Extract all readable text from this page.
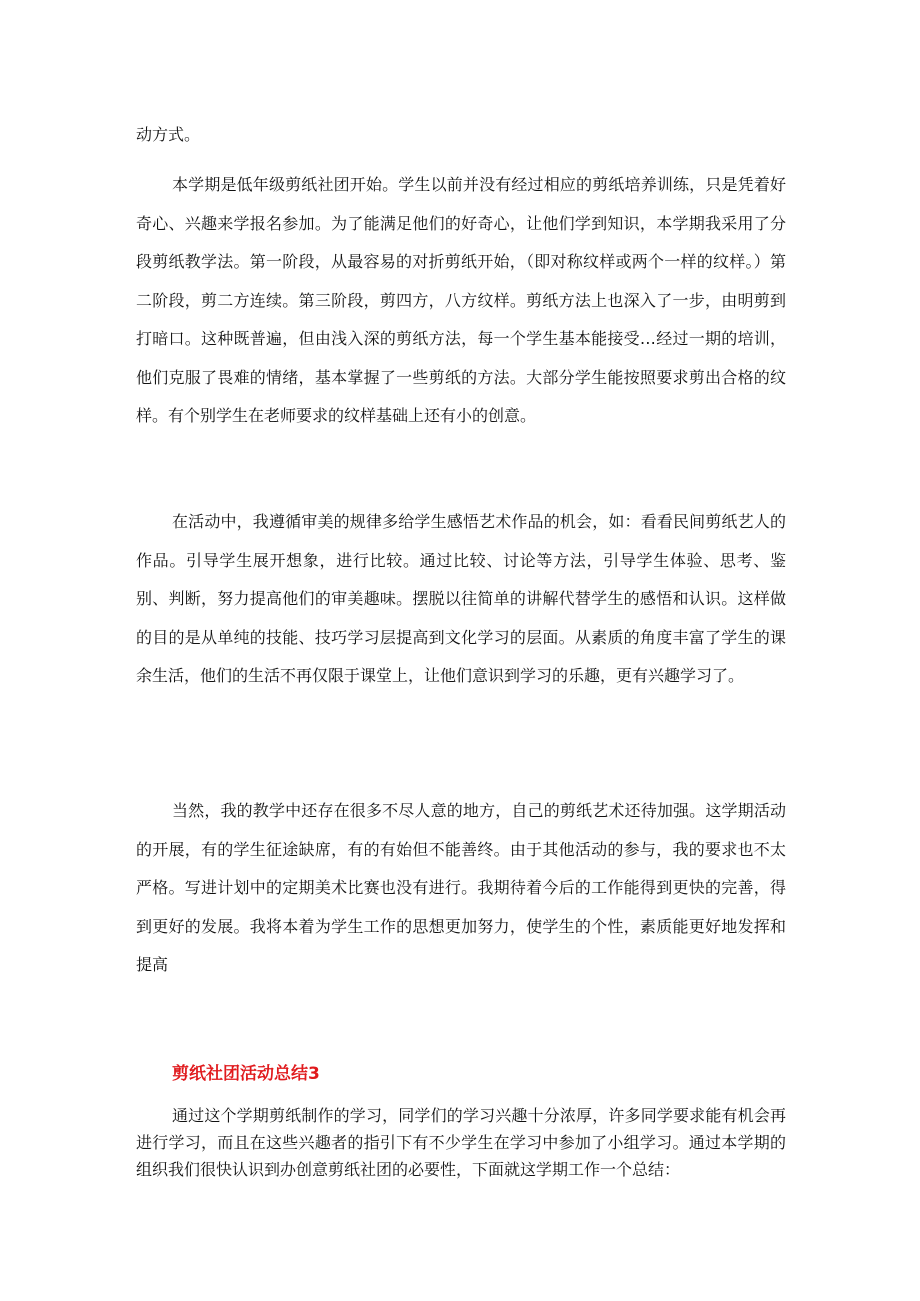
动方式。

本学期是低年级剪纸社团开始。学生以前并没有经过相应的剪纸培养训练，只是凭着好奇心、兴趣来学报名参加。为了能满足他们的好奇心，让他们学到知识，本学期我采用了分段剪纸教学法。第一阶段，从最容易的对折剪纸开始，（即对称纹样或两个一样的纹样。）第二阶段，剪二方连续。第三阶段，剪四方，八方纹样。剪纸方法上也深入了一步，由明剪到打暗口。这种既普遍，但由浅入深的剪纸方法，每一个学生基本能接受…经过一期的培训，他们克服了畏难的情绪，基本掌握了一些剪纸的方法。大部分学生能按照要求剪出合格的纹样。有个别学生在老师要求的纹样基础上还有小的创意。

在活动中，我遵循审美的规律多给学生感悟艺术作品的机会，如：看看民间剪纸艺人的作品。引导学生展开想象，进行比较。通过比较、讨论等方法，引导学生体验、思考、鉴别、判断，努力提高他们的审美趣味。摆脱以往简单的讲解代替学生的感悟和认识。这样做的目的是从单纯的技能、技巧学习层提高到文化学习的层面。从素质的角度丰富了学生的课余生活，他们的生活不再仅限于课堂上，让他们意识到学习的乐趣，更有兴趣学习了。

当然，我的教学中还存在很多不尽人意的地方，自己的剪纸艺术还待加强。这学期活动的开展，有的学生征途缺席，有的有始但不能善终。由于其他活动的参与，我的要求也不太严格。写进计划中的定期美术比赛也没有进行。我期待着今后的工作能得到更快的完善，得到更好的发展。我将本着为学生工作的思想更加努力，使学生的个性，素质能更好地发挥和提高

剪纸社团活动总结3

通过这个学期剪纸制作的学习，同学们的学习兴趣十分浓厚，许多同学要求能有机会再进行学习，而且在这些兴趣者的指引下有不少学生在学习中参加了小组学习。通过本学期的组织我们很快认识到办创意剪纸社团的必要性，下面就这学期工作一个总结：
